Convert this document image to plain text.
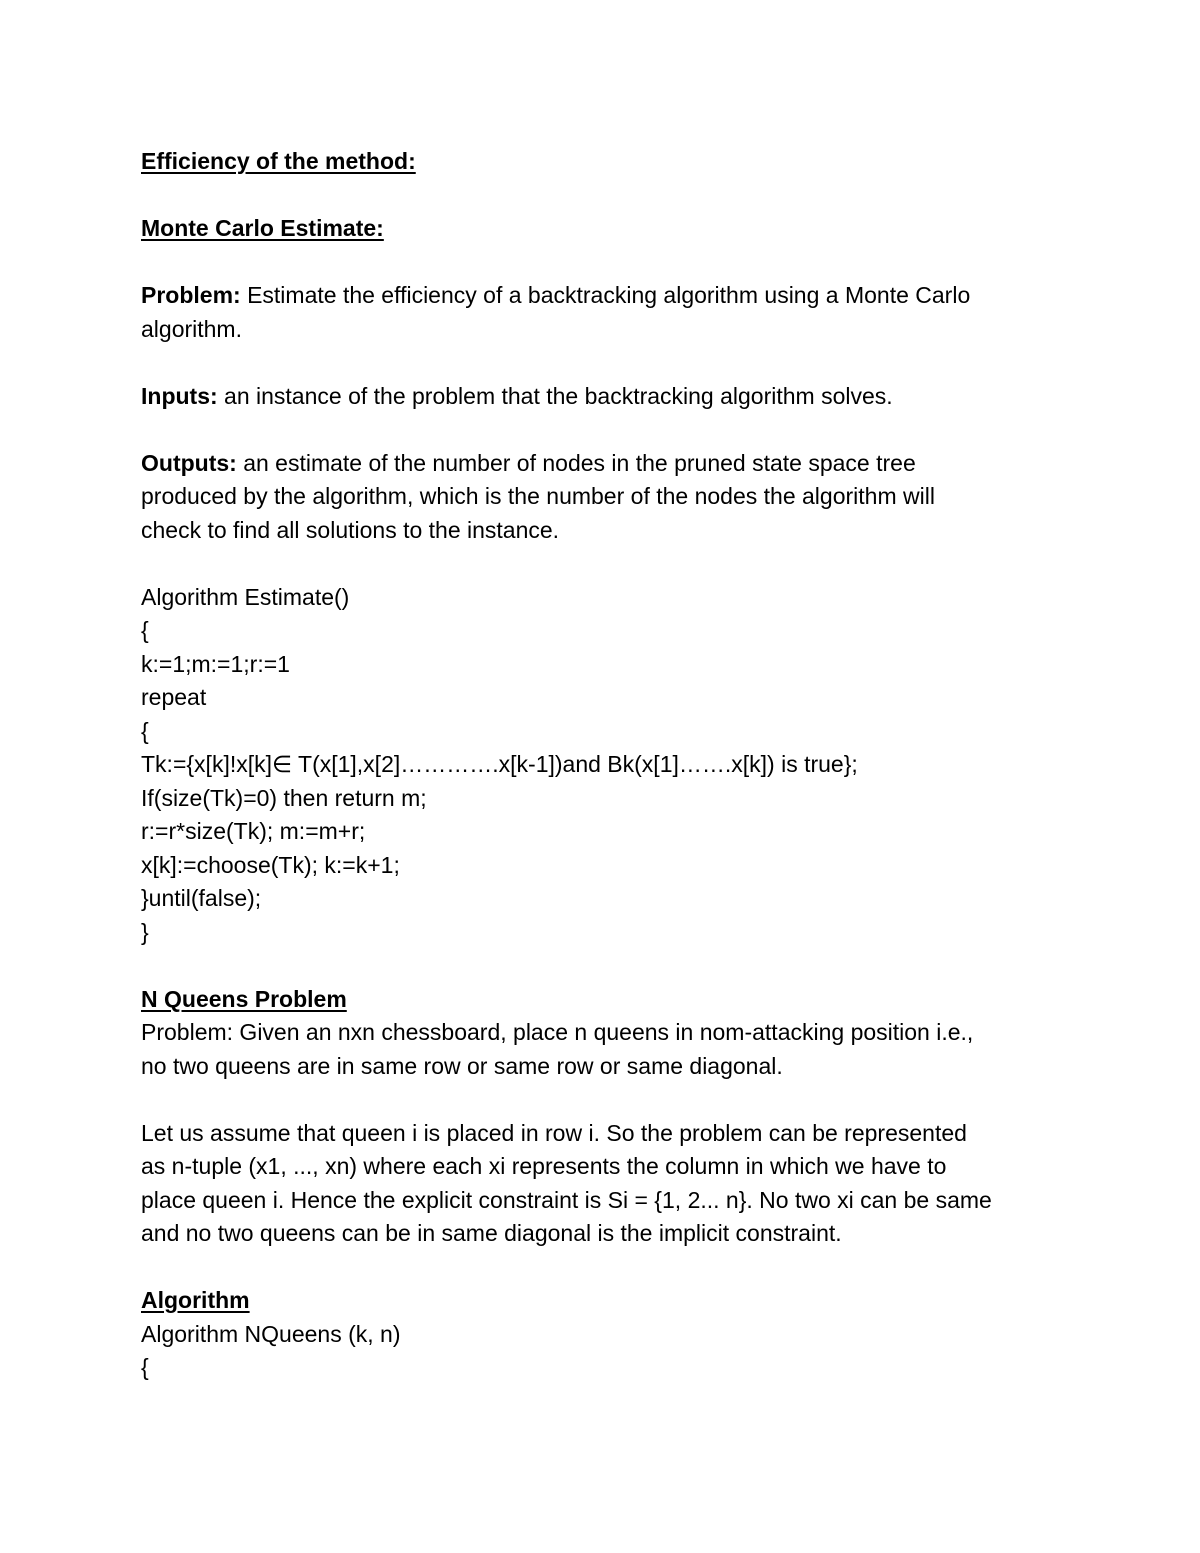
Efficiency of the method:
Monte Carlo Estimate:
Problem: Estimate the efficiency of a backtracking algorithm using a Monte Carlo
algorithm.
Inputs: an instance of the problem that the backtracking algorithm solves.
Outputs: an estimate of the number of nodes in the pruned state space tree
produced by the algorithm, which is the number of the nodes the algorithm will
check to find all solutions to the instance.
Algorithm Estimate()
{
k:=1;m:=1;r:=1
repeat
{
Tk:={x[k]!x[k]∈ T(x[1],x[2]………….x[k-1])and Bk(x[1]…….x[k]) is true};
If(size(Tk)=0) then return m;
r:=r*size(Tk); m:=m+r;
x[k]:=choose(Tk); k:=k+1;
}until(false);
}
N Queens Problem
Problem: Given an nxn chessboard, place n queens in nom-attacking position i.e.,
no two queens are in same row or same row or same diagonal.
Let us assume that queen i is placed in row i. So the problem can be represented
as n-tuple (x1, ..., xn) where each xi represents the column in which we have to
place queen i. Hence the explicit constraint is Si = {1, 2... n}. No two xi can be same
and no two queens can be in same diagonal is the implicit constraint.
Algorithm
Algorithm NQueens (k, n)
{
